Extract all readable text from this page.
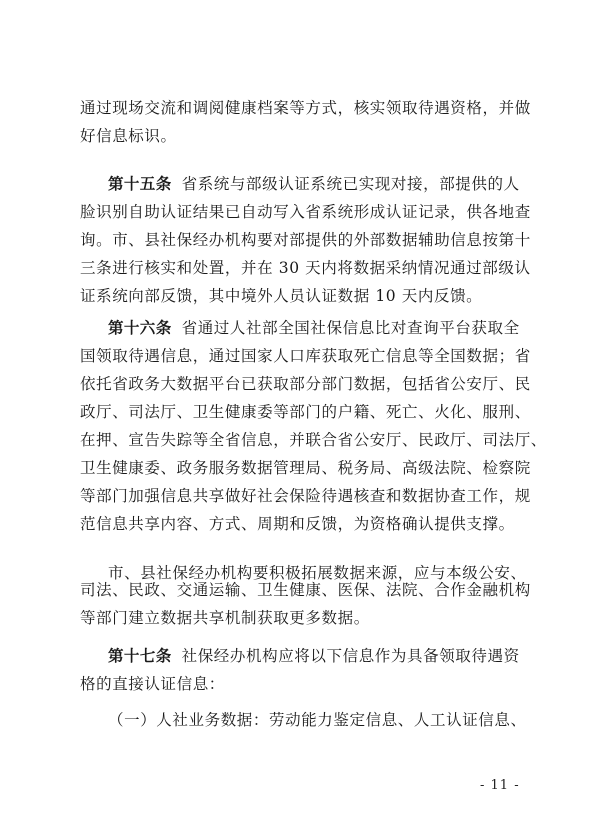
通过现场交流和调阅健康档案等方式，核实领取待遇资格，并做
好信息标识。
第十五条 省系统与部级认证系统已实现对接，部提供的人
脸识别自助认证结果已自动写入省系统形成认证记录，供各地查
询。市、县社保经办机构要对部提供的外部数据辅助信息按第十
三条进行核实和处置，并在 30 天内将数据采纳情况通过部级认
证系统向部反馈，其中境外人员认证数据 10 天内反馈。
第十六条 省通过人社部全国社保信息比对查询平台获取全
国领取待遇信息，通过国家人口库获取死亡信息等全国数据；省
依托省政务大数据平台已获取部分部门数据，包括省公安厅、民
政厅、司法厅、卫生健康委等部门的户籍、死亡、火化、服刑、
在押、宣告失踪等全省信息，并联合省公安厅、民政厅、司法厅、
卫生健康委、政务服务数据管理局、税务局、高级法院、检察院
等部门加强信息共享做好社会保险待遇核查和数据协查工作，规
范信息共享内容、方式、周期和反馈，为资格确认提供支撑。
市、县社保经办机构要积极拓展数据来源，应与本级公安、
司法、民政、交通运输、卫生健康、医保、法院、合作金融机构
等部门建立数据共享机制获取更多数据。
- 11 -
第十七条 社保经办机构应将以下信息作为具备领取待遇资
格的直接认证信息：
（一）人社业务数据：劳动能力鉴定信息、人工认证信息、
